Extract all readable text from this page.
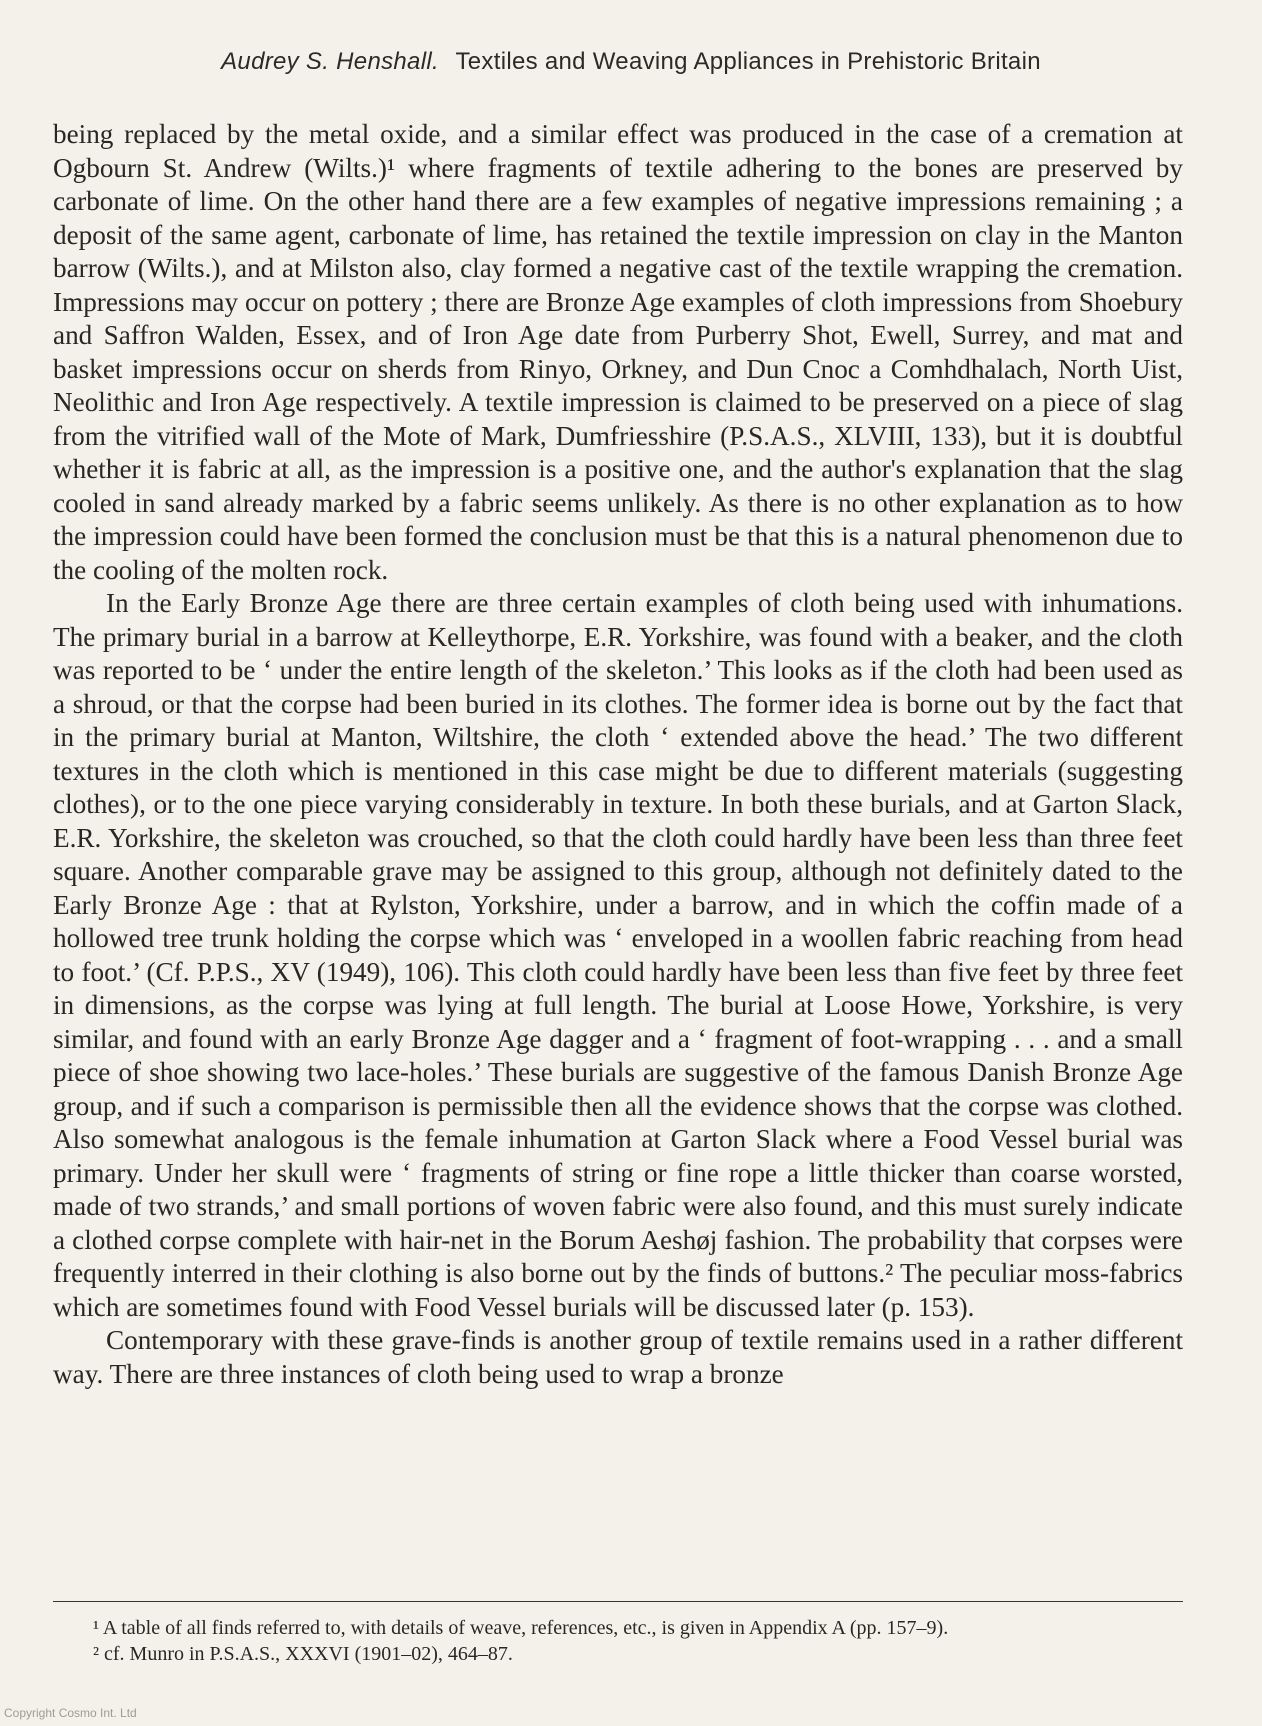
Audrey S. Henshall. Textiles and Weaving Appliances in Prehistoric Britain

being replaced by the metal oxide, and a similar effect was produced in the case of a cremation at Ogbourn St. Andrew (Wilts.)¹ where fragments of textile adhering to the bones are preserved by carbonate of lime. On the other hand there are a few examples of negative impressions remaining ; a deposit of the same agent, carbonate of lime, has retained the textile impression on clay in the Manton barrow (Wilts.), and at Milston also, clay formed a negative cast of the textile wrapping the cremation. Impressions may occur on pottery ; there are Bronze Age examples of cloth impressions from Shoebury and Saffron Walden, Essex, and of Iron Age date from Purberry Shot, Ewell, Surrey, and mat and basket impressions occur on sherds from Rinyo, Orkney, and Dun Cnoc a Comhdhalach, North Uist, Neolithic and Iron Age respectively. A textile impression is claimed to be preserved on a piece of slag from the vitrified wall of the Mote of Mark, Dumfriesshire (P.S.A.S., XLVIII, 133), but it is doubtful whether it is fabric at all, as the impression is a positive one, and the author's explanation that the slag cooled in sand already marked by a fabric seems unlikely. As there is no other explanation as to how the impression could have been formed the conclusion must be that this is a natural phenomenon due to the cooling of the molten rock.

In the Early Bronze Age there are three certain examples of cloth being used with inhumations. The primary burial in a barrow at Kelleythorpe, E.R. Yorkshire, was found with a beaker, and the cloth was reported to be ‘ under the entire length of the skeleton.’ This looks as if the cloth had been used as a shroud, or that the corpse had been buried in its clothes. The former idea is borne out by the fact that in the primary burial at Manton, Wiltshire, the cloth ‘ extended above the head.’ The two different textures in the cloth which is mentioned in this case might be due to different materials (suggesting clothes), or to the one piece varying considerably in texture. In both these burials, and at Garton Slack, E.R. Yorkshire, the skeleton was crouched, so that the cloth could hardly have been less than three feet square. Another comparable grave may be assigned to this group, although not definitely dated to the Early Bronze Age : that at Rylston, Yorkshire, under a barrow, and in which the coffin made of a hollowed tree trunk holding the corpse which was ‘ enveloped in a woollen fabric reaching from head to foot.’ (Cf. P.P.S., XV (1949), 106). This cloth could hardly have been less than five feet by three feet in dimensions, as the corpse was lying at full length. The burial at Loose Howe, Yorkshire, is very similar, and found with an early Bronze Age dagger and a ‘ fragment of foot-wrapping . . . and a small piece of shoe showing two lace-holes.’ These burials are suggestive of the famous Danish Bronze Age group, and if such a comparison is permissible then all the evidence shows that the corpse was clothed. Also somewhat analogous is the female inhumation at Garton Slack where a Food Vessel burial was primary. Under her skull were ‘ fragments of string or fine rope a little thicker than coarse worsted, made of two strands,’ and small portions of woven fabric were also found, and this must surely indicate a clothed corpse complete with hair-net in the Borum Aeshøj fashion. The probability that corpses were frequently interred in their clothing is also borne out by the finds of buttons.² The peculiar moss-fabrics which are sometimes found with Food Vessel burials will be discussed later (p. 153).

Contemporary with these grave-finds is another group of textile remains used in a rather different way. There are three instances of cloth being used to wrap a bronze

¹ A table of all finds referred to, with details of weave, references, etc., is given in Appendix A (pp. 157–9).
² cf. Munro in P.S.A.S., XXXVI (1901–02), 464–87.
Copyright Cosmo Int. Ltd
